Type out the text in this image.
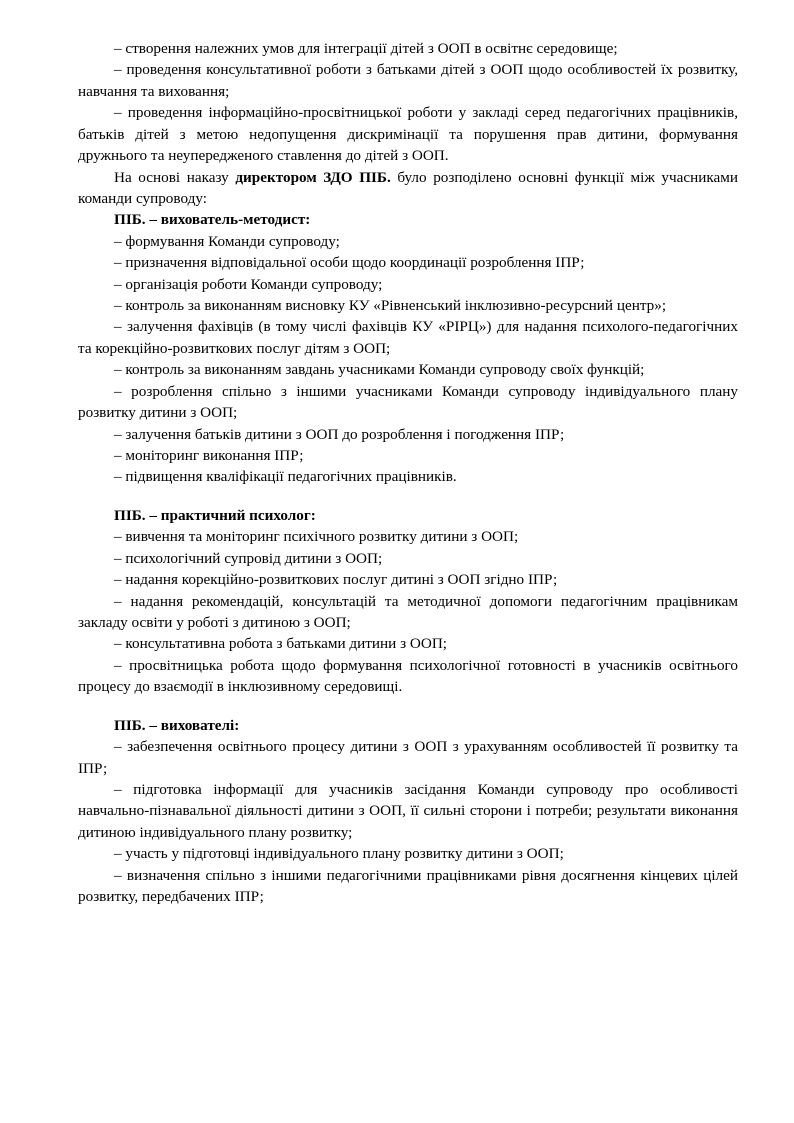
– створення належних умов для інтеграції дітей з ООП в освітнє середовище;

– проведення консультативної роботи з батьками дітей з ООП щодо особливостей їх розвитку, навчання та виховання;

– проведення інформаційно-просвітницької роботи у закладі серед педагогічних працівників, батьків дітей з метою недопущення дискримінації та порушення прав дитини, формування дружнього та неупередженого ставлення до дітей з ООП.

На основі наказу директором ЗДО ПІБ. було розподілено основні функції між учасниками команди супроводу:

ПІБ. – вихователь-методист:

– формування Команди супроводу;

– призначення відповідальної особи щодо координації розроблення ІПР;

– організація роботи Команди супроводу;

– контроль за виконанням висновку КУ «Рівненський інклюзивно-ресурсний центр»;

– залучення фахівців (в тому числі фахівців КУ «РІРЦ») для надання психолого-педагогічних та корекційно-розвиткових послуг дітям з ООП;

– контроль за виконанням завдань учасниками Команди супроводу своїх функцій;

– розроблення спільно з іншими учасниками Команди супроводу індивідуального плану розвитку дитини з ООП;

– залучення батьків дитини з ООП до розроблення і погодження ІПР;

– моніторинг виконання ІПР;

– підвищення кваліфікації педагогічних працівників.

ПІБ. – практичний психолог:

– вивчення та моніторинг психічного розвитку дитини з ООП;

– психологічний супровід дитини з ООП;

– надання корекційно-розвиткових послуг дитині з ООП згідно ІПР;

– надання рекомендацій, консультацій та методичної допомоги педагогічним працівникам закладу освіти у роботі з дитиною з ООП;

– консультативна робота з батьками дитини з ООП;

– просвітницька робота щодо формування психологічної готовності в учасників освітнього процесу до взаємодії в інклюзивному середовищі.

ПІБ. – вихователі:

– забезпечення освітнього процесу дитини з ООП з урахуванням особливостей її розвитку та ІПР;

– підготовка інформації для учасників засідання Команди супроводу про особливості навчально-пізнавальної діяльності дитини з ООП, її сильні сторони і потреби; результати виконання дитиною індивідуального плану розвитку;

– участь у підготовці індивідуального плану розвитку дитини з ООП;

– визначення спільно з іншими педагогічними працівниками рівня досягнення кінцевих цілей розвитку, передбачених ІПР;
